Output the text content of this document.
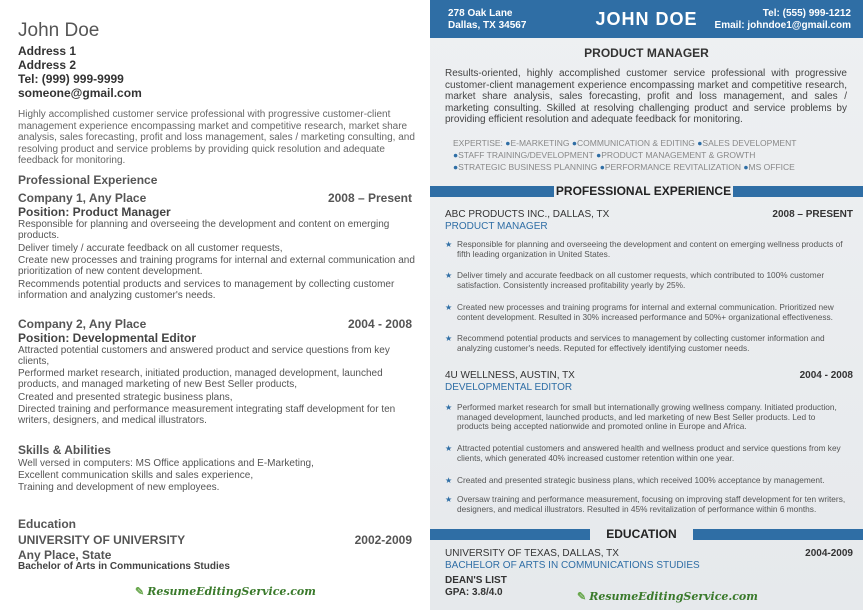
John Doe
Address 1
Address 2
Tel: (999) 999-9999
someone@gmail.com
Highly accomplished customer service professional with progressive customer-client management experience encompassing market and competitive research, market share analysis, sales forecasting, profit and loss management, sales / marketing consulting, and resolving product and service problems by providing quick resolution and adequate feedback for monitoring.
Professional Experience
Company 1, Any Place	2008 – Present
Position: Product Manager
Responsible for planning and overseeing the development and content on emerging products.
Deliver timely / accurate feedback on all customer requests,
Create new processes and training programs for internal and external communication and prioritization of new content development.
Recommends potential products and services to management by collecting customer information and analyzing customer's needs.
Company 2, Any Place	2004 - 2008
Position: Developmental Editor
Attracted potential customers and answered product and service questions from key clients,
Performed market research, initiated production, managed development, launched products, and managed marketing of new Best Seller products,
Created and presented strategic business plans,
Directed training and performance measurement integrating staff development for ten writers, designers, and medical illustrators.
Skills & Abilities
Well versed in computers: MS Office applications and E-Marketing,
Excellent communication skills and sales experience,
Training and development of new employees.
Education
UNIVERSITY OF UNIVERSITY	2002-2009
Any Place, State
Bachelor of Arts in Communications Studies
✎ ResumeEditingService.com
278 Oak Lane
Dallas, TX 34567	JOHN DOE	Tel: (555) 999-1212
Email: johndoe1@gmail.com
PRODUCT MANAGER
Results-oriented, highly accomplished customer service professional with progressive customer-client management experience encompassing market and competitive research, market share analysis, sales forecasting, profit and loss management, and sales / marketing consulting. Skilled at resolving challenging product and service problems by providing efficient resolution and adequate feedback for monitoring.
EXPERTISE: ●E-MARKETING ●COMMUNICATION & EDITING ●SALES DEVELOPMENT
●STAFF TRAINING/DEVELOPMENT ●PRODUCT MANAGEMENT & GROWTH
●STRATEGIC BUSINESS PLANNING ●PERFORMANCE REVITALIZATION ●MS OFFICE
PROFESSIONAL EXPERIENCE
ABC PRODUCTS INC., DALLAS, TX	2008 – PRESENT
PRODUCT MANAGER
★ Responsible for planning and overseeing the development and content on emerging wellness products of fifth leading organization in United States.
★ Deliver timely and accurate feedback on all customer requests, which contributed to 100% customer satisfaction. Consistently increased profitability yearly by 25%.
★ Created new processes and training programs for internal and external communication. Prioritized new content development. Resulted in 30% increased performance and 50%+ organizational effectiveness.
★ Recommend potential products and services to management by collecting customer information and analyzing customer's needs. Reputed for effectively identifying customer needs.
4U WELLNESS, AUSTIN, TX	2004 - 2008
DEVELOPMENTAL EDITOR
★ Performed market research for small but internationally growing wellness company. Initiated production, managed development, launched products, and led marketing of new Best Seller products. Led to products being accepted nationwide and promoted online in Europe and Africa.
★ Attracted potential customers and answered health and wellness product and service questions from key clients, which generated 40% increased customer retention within one year.
★ Created and presented strategic business plans, which received 100% acceptance by management.
★ Oversaw training and performance measurement, focusing on improving staff development for ten writers, designers, and medical illustrators. Resulted in 45% revitalization of performance within 6 months.
EDUCATION
UNIVERSITY OF TEXAS, DALLAS, TX	2004-2009
BACHELOR OF ARTS IN COMMUNICATIONS STUDIES
DEAN'S LIST
GPA: 3.8/4.0	✎ ResumeEditingService.com
